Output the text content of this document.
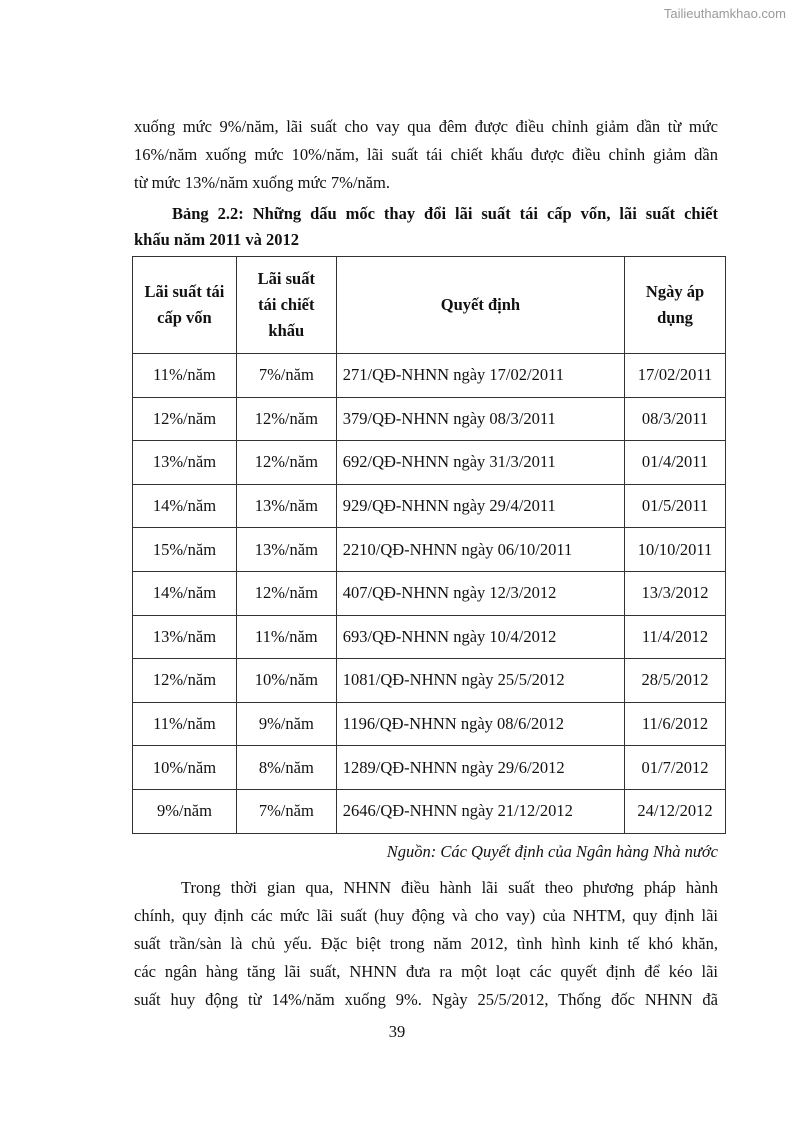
Tailieuthamkhao.com
xuống mức 9%/năm, lãi suất cho vay qua đêm được điều chỉnh giảm dần từ mức
16%/năm xuống mức 10%/năm, lãi suất tái chiết khấu được điều chỉnh giảm dần
từ mức 13%/năm xuống mức 7%/năm.
Bảng 2.2: Những dấu mốc thay đổi lãi suất tái cấp vốn, lãi suất chiết
khấu năm 2011 và 2012
Lãi suất tái
cấp vốn	Lãi suất
tái chiết
khấu	Quyết định	Ngày áp
dụng
11%/năm	7%/năm	271/QĐ-NHNN ngày 17/02/2011	17/02/2011
12%/năm	12%/năm	379/QĐ-NHNN ngày 08/3/2011	08/3/2011
13%/năm	12%/năm	692/QĐ-NHNN ngày 31/3/2011	01/4/2011
14%/năm	13%/năm	929/QĐ-NHNN ngày 29/4/2011	01/5/2011
15%/năm	13%/năm	2210/QĐ-NHNN ngày 06/10/2011	10/10/2011
14%/năm	12%/năm	407/QĐ-NHNN ngày 12/3/2012	13/3/2012
13%/năm	11%/năm	693/QĐ-NHNN ngày 10/4/2012	11/4/2012
12%/năm	10%/năm	1081/QĐ-NHNN ngày 25/5/2012	28/5/2012
11%/năm	9%/năm	1196/QĐ-NHNN ngày 08/6/2012	11/6/2012
10%/năm	8%/năm	1289/QĐ-NHNN ngày 29/6/2012	01/7/2012
9%/năm	7%/năm	2646/QĐ-NHNN ngày 21/12/2012	24/12/2012
Nguồn: Các Quyết định của Ngân hàng Nhà nước
Trong thời gian qua, NHNN điều hành lãi suất theo phương pháp hành
chính, quy định các mức lãi suất (huy động và cho vay) của NHTM, quy định lãi
suất trần/sàn là chủ yếu. Đặc biệt trong năm 2012, tình hình kinh tế khó khăn,
các ngân hàng tăng lãi suất, NHNN đưa ra một loạt các quyết định để kéo lãi
suất huy động từ 14%/năm xuống 9%. Ngày 25/5/2012, Thống đốc NHNN đã
39
